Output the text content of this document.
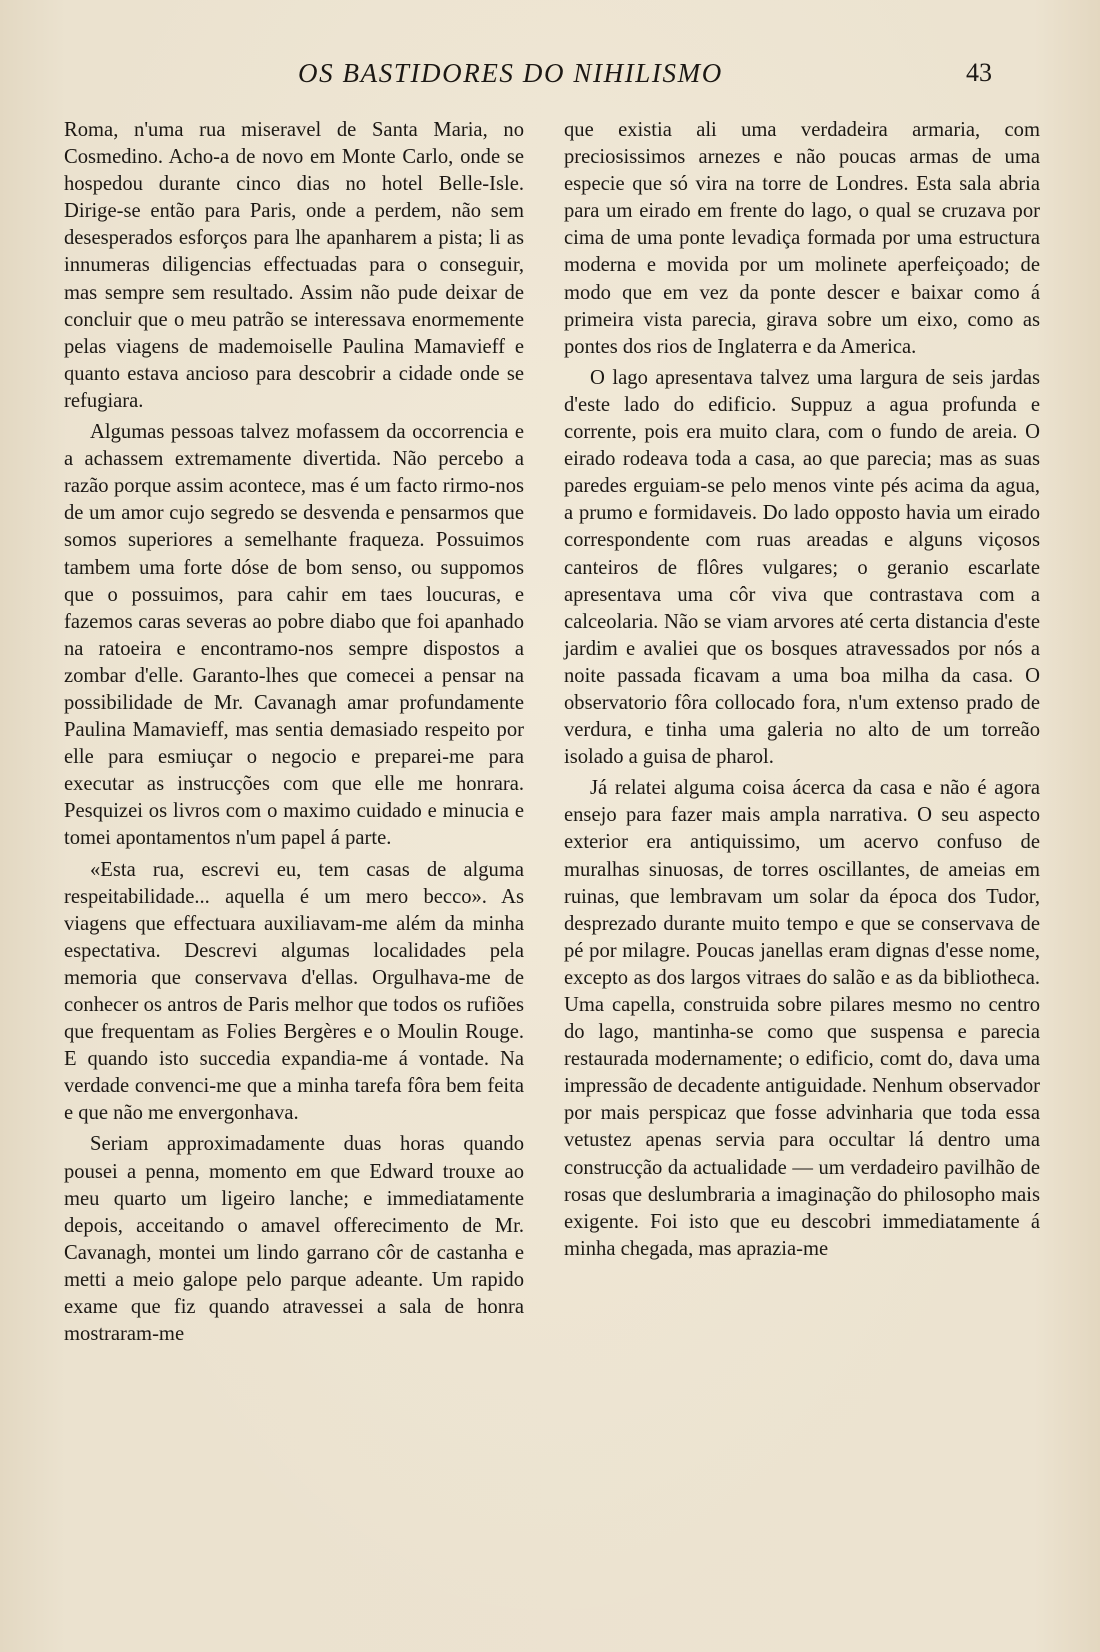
OS BASTIDORES DO NIHILISMO	43

Roma, n'uma rua miseravel de Santa Maria, no Cosmedino. Acho-a de novo em Monte Carlo, onde se hospedou durante cinco dias no hotel Belle-Isle. Dirige-se então para Paris, onde a perdem, não sem desesperados esforços para lhe apanharem a pista; li as innumeras diligencias effectuadas para o conseguir, mas sempre sem resultado. Assim não pude deixar de concluir que o meu patrão se interessava enormemente pelas viagens de mademoiselle Paulina Mamavieff e quanto estava ancioso para descobrir a cidade onde se refugiara.

Algumas pessoas talvez mofassem da occorrencia e a achassem extremamente divertida. Não percebo a razão porque assim acontece, mas é um facto rirmo-nos de um amor cujo segredo se desvenda e pensarmos que somos superiores a semelhante fraqueza. Possuimos tambem uma forte dóse de bom senso, ou suppomos que o possuimos, para cahir em taes loucuras, e fazemos caras severas ao pobre diabo que foi apanhado na ratoeira e encontramo-nos sempre dispostos a zombar d'elle. Garanto-lhes que comecei a pensar na possibilidade de Mr. Cavanagh amar profundamente Paulina Mamavieff, mas sentia demasiado respeito por elle para esmiuçar o negocio e preparei-me para executar as instrucções com que elle me honrara. Pesquizei os livros com o maximo cuidado e minucia e tomei apontamentos n'um papel á parte.

«Esta rua, escrevi eu, tem casas de alguma respeitabilidade... aquella é um mero becco». As viagens que effectuara auxiliavam-me além da minha espectativa. Descrevi algumas localidades pela memoria que conservava d'ellas. Orgulhava-me de conhecer os antros de Paris melhor que todos os rufiões que frequentam as Folies Bergères e o Moulin Rouge. E quando isto succedia expandia-me á vontade. Na verdade convenci-me que a minha tarefa fôra bem feita e que não me envergonhava.

Seriam approximadamente duas horas quando pousei a penna, momento em que Edward trouxe ao meu quarto um ligeiro lanche; e immediatamente depois, acceitando o amavel offerecimento de Mr. Cavanagh, montei um lindo garrano côr de castanha e metti a meio galope pelo parque adeante. Um rapido exame que fiz quando atravessei a sala de honra mostraram-me

que existia ali uma verdadeira armaria, com preciosissimos arnezes e não poucas armas de uma especie que só vira na torre de Londres. Esta sala abria para um eirado em frente do lago, o qual se cruzava por cima de uma ponte levadiça formada por uma estructura moderna e movida por um molinete aperfeiçoado; de modo que em vez da ponte descer e baixar como á primeira vista parecia, girava sobre um eixo, como as pontes dos rios de Inglaterra e da America.

O lago apresentava talvez uma largura de seis jardas d'este lado do edificio. Suppuz a agua profunda e corrente, pois era muito clara, com o fundo de areia. O eirado rodeava toda a casa, ao que parecia; mas as suas paredes erguiam-se pelo menos vinte pés acima da agua, a prumo e formidaveis. Do lado opposto havia um eirado correspondente com ruas areadas e alguns viçosos canteiros de flôres vulgares; o geranio escarlate apresentava uma côr viva que contrastava com a calceolaria. Não se viam arvores até certa distancia d'este jardim e avaliei que os bosques atravessados por nós a noite passada ficavam a uma boa milha da casa. O observatorio fôra collocado fora, n'um extenso prado de verdura, e tinha uma galeria no alto de um torreão isolado a guisa de pharol.

Já relatei alguma coisa ácerca da casa e não é agora ensejo para fazer mais ampla narrativa. O seu aspecto exterior era antiquissimo, um acervo confuso de muralhas sinuosas, de torres oscillantes, de ameias em ruinas, que lembravam um solar da época dos Tudor, desprezado durante muito tempo e que se conservava de pé por milagre. Poucas janellas eram dignas d'esse nome, excepto as dos largos vitraes do salão e as da bibliotheca. Uma capella, construida sobre pilares mesmo no centro do lago, mantinha-se como que suspensa e parecia restaurada modernamente; o edificio, comt do, dava uma impressão de decadente antiguidade. Nenhum observador por mais perspicaz que fosse advinharia que toda essa vetustez apenas servia para occultar lá dentro uma construcção da actualidade — um verdadeiro pavilhão de rosas que deslumbraria a imaginação do philosopho mais exigente. Foi isto que eu descobri immediatamente á minha chegada, mas aprazia-me
